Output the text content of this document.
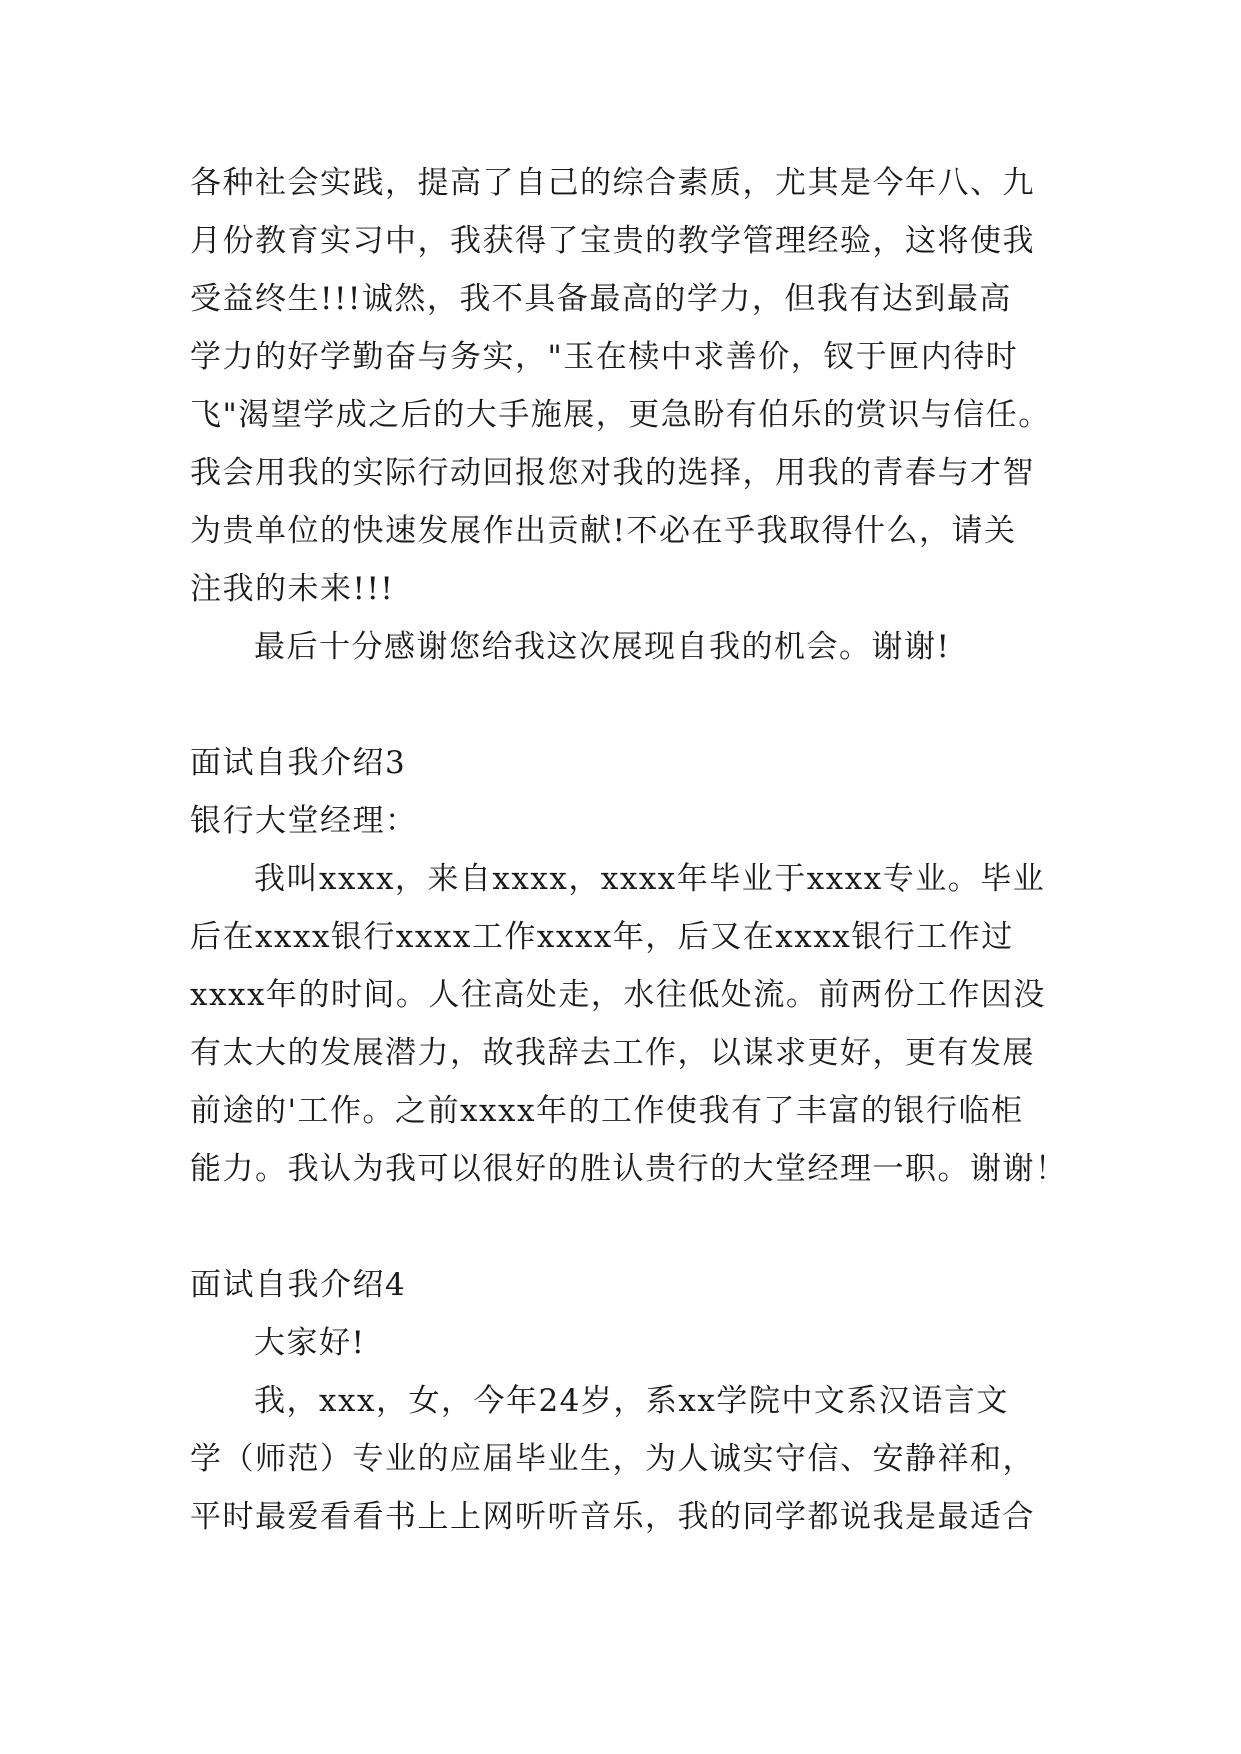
各种社会实践，提高了自己的综合素质，尤其是今年八、九
月份教育实习中，我获得了宝贵的教学管理经验，这将使我
受益终生!!!诚然，我不具备最高的学力，但我有达到最高
学力的好学勤奋与务实，"玉在椟中求善价，钗于匣内待时
飞"渴望学成之后的大手施展，更急盼有伯乐的赏识与信任。
我会用我的实际行动回报您对我的选择，用我的青春与才智
为贵单位的快速发展作出贡献!不必在乎我取得什么，请关
注我的未来!!!
最后十分感谢您给我这次展现自我的机会。谢谢!
面试自我介绍3
银行大堂经理：
我叫xxxx，来自xxxx，xxxx年毕业于xxxx专业。毕业
后在xxxx银行xxxx工作xxxx年，后又在xxxx银行工作过
xxxx年的时间。人往高处走，水往低处流。前两份工作因没
有太大的发展潜力，故我辞去工作，以谋求更好，更有发展
前途的'工作。之前xxxx年的工作使我有了丰富的银行临柜
能力。我认为我可以很好的胜认贵行的大堂经理一职。谢谢！
面试自我介绍4
大家好!
我，xxx，女，今年24岁，系xx学院中文系汉语言文
学（师范）专业的应届毕业生，为人诚实守信、安静祥和，
平时最爱看看书上上网听听音乐，我的同学都说我是最适合
